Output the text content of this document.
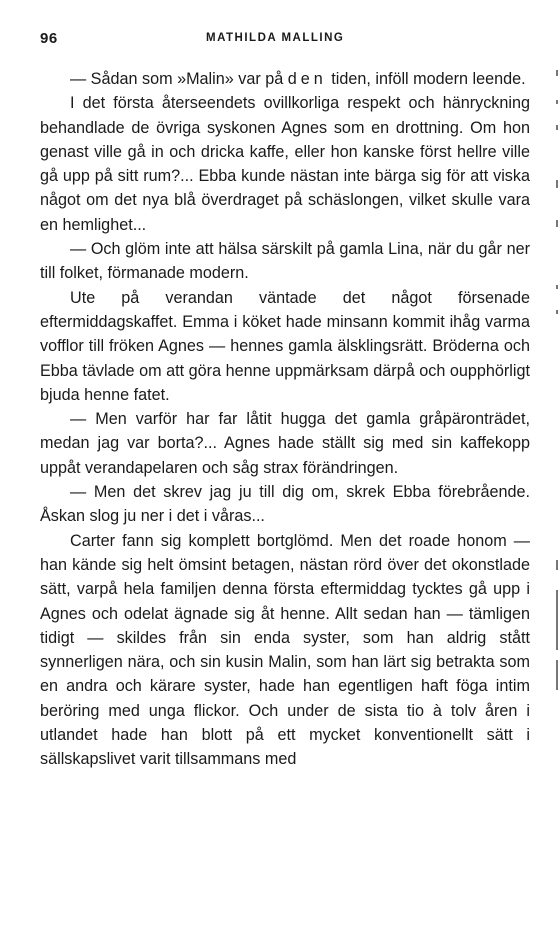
96	MATHILDA MALLING

— Sådan som »Malin» var på den tiden, inföll modern leende.

I det första återseendets ovillkorliga respekt och hänryckning behandlade de övriga syskonen Agnes som en drottning. Om hon genast ville gå in och dricka kaffe, eller hon kanske först hellre ville gå upp på sitt rum?... Ebba kunde nästan inte bärga sig för att viska något om det nya blå överdraget på schäslongen, vilket skulle vara en hemlighet...

— Och glöm inte att hälsa särskilt på gamla Lina, när du går ner till folket, förmanade modern.

Ute på verandan väntade det något försenade eftermiddagskaffet. Emma i köket hade minsann kommit ihåg varma vofflor till fröken Agnes — hennes gamla älsklingsrätt. Bröderna och Ebba tävlade om att göra henne uppmärksam därpå och oupphörligt bjuda henne fatet.

— Men varför har far låtit hugga det gamla gråpäronträdet, medan jag var borta?... Agnes hade ställt sig med sin kaffekopp uppåt verandapelaren och såg strax förändringen.

— Men det skrev jag ju till dig om, skrek Ebba förebrående. Åskan slog ju ner i det i våras...

Carter fann sig komplett bortglömd. Men det roade honom — han kände sig helt ömsint betagen, nästan rörd över det okonstlade sätt, varpå hela familjen denna första eftermiddag tycktes gå upp i Agnes och odelat ägnade sig åt henne. Allt sedan han — tämligen tidigt — skildes från sin enda syster, som han aldrig stått synnerligen nära, och sin kusin Malin, som han lärt sig betrakta som en andra och kärare syster, hade han egentligen haft föga intim beröring med unga flickor. Och under de sista tio à tolv åren i utlandet hade han blott på ett mycket konventionellt sätt i sällskapslivet varit tillsammans med
